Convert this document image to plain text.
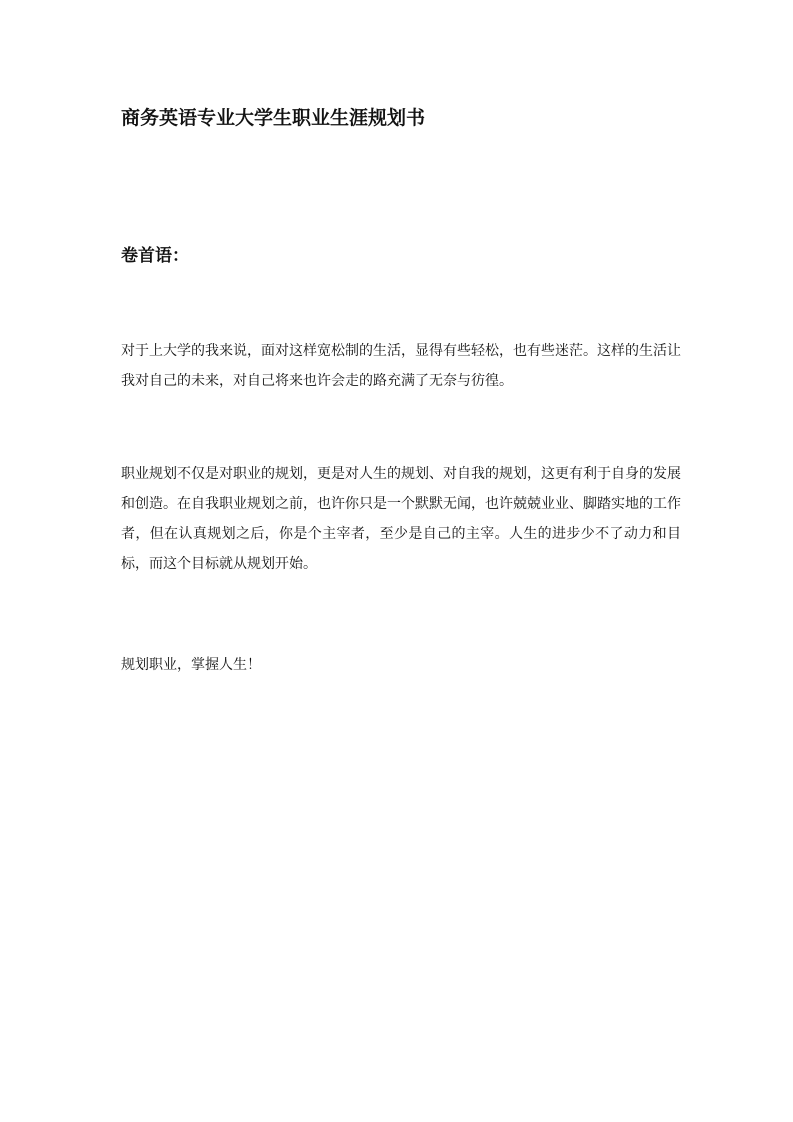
商务英语专业大学生职业生涯规划书
卷首语：

对于上大学的我来说，面对这样宽松制的生活，显得有些轻松，也有些迷茫。这样的生活让我对自己的未来，对自己将来也许会走的路充满了无奈与彷徨。

职业规划不仅是对职业的规划，更是对人生的规划、对自我的规划，这更有利于自身的发展和创造。在自我职业规划之前，也许你只是一个默默无闻，也许兢兢业业、脚踏实地的工作者，但在认真规划之后，你是个主宰者，至少是自己的主宰。人生的进步少不了动力和目标，而这个目标就从规划开始。

规划职业，掌握人生！
